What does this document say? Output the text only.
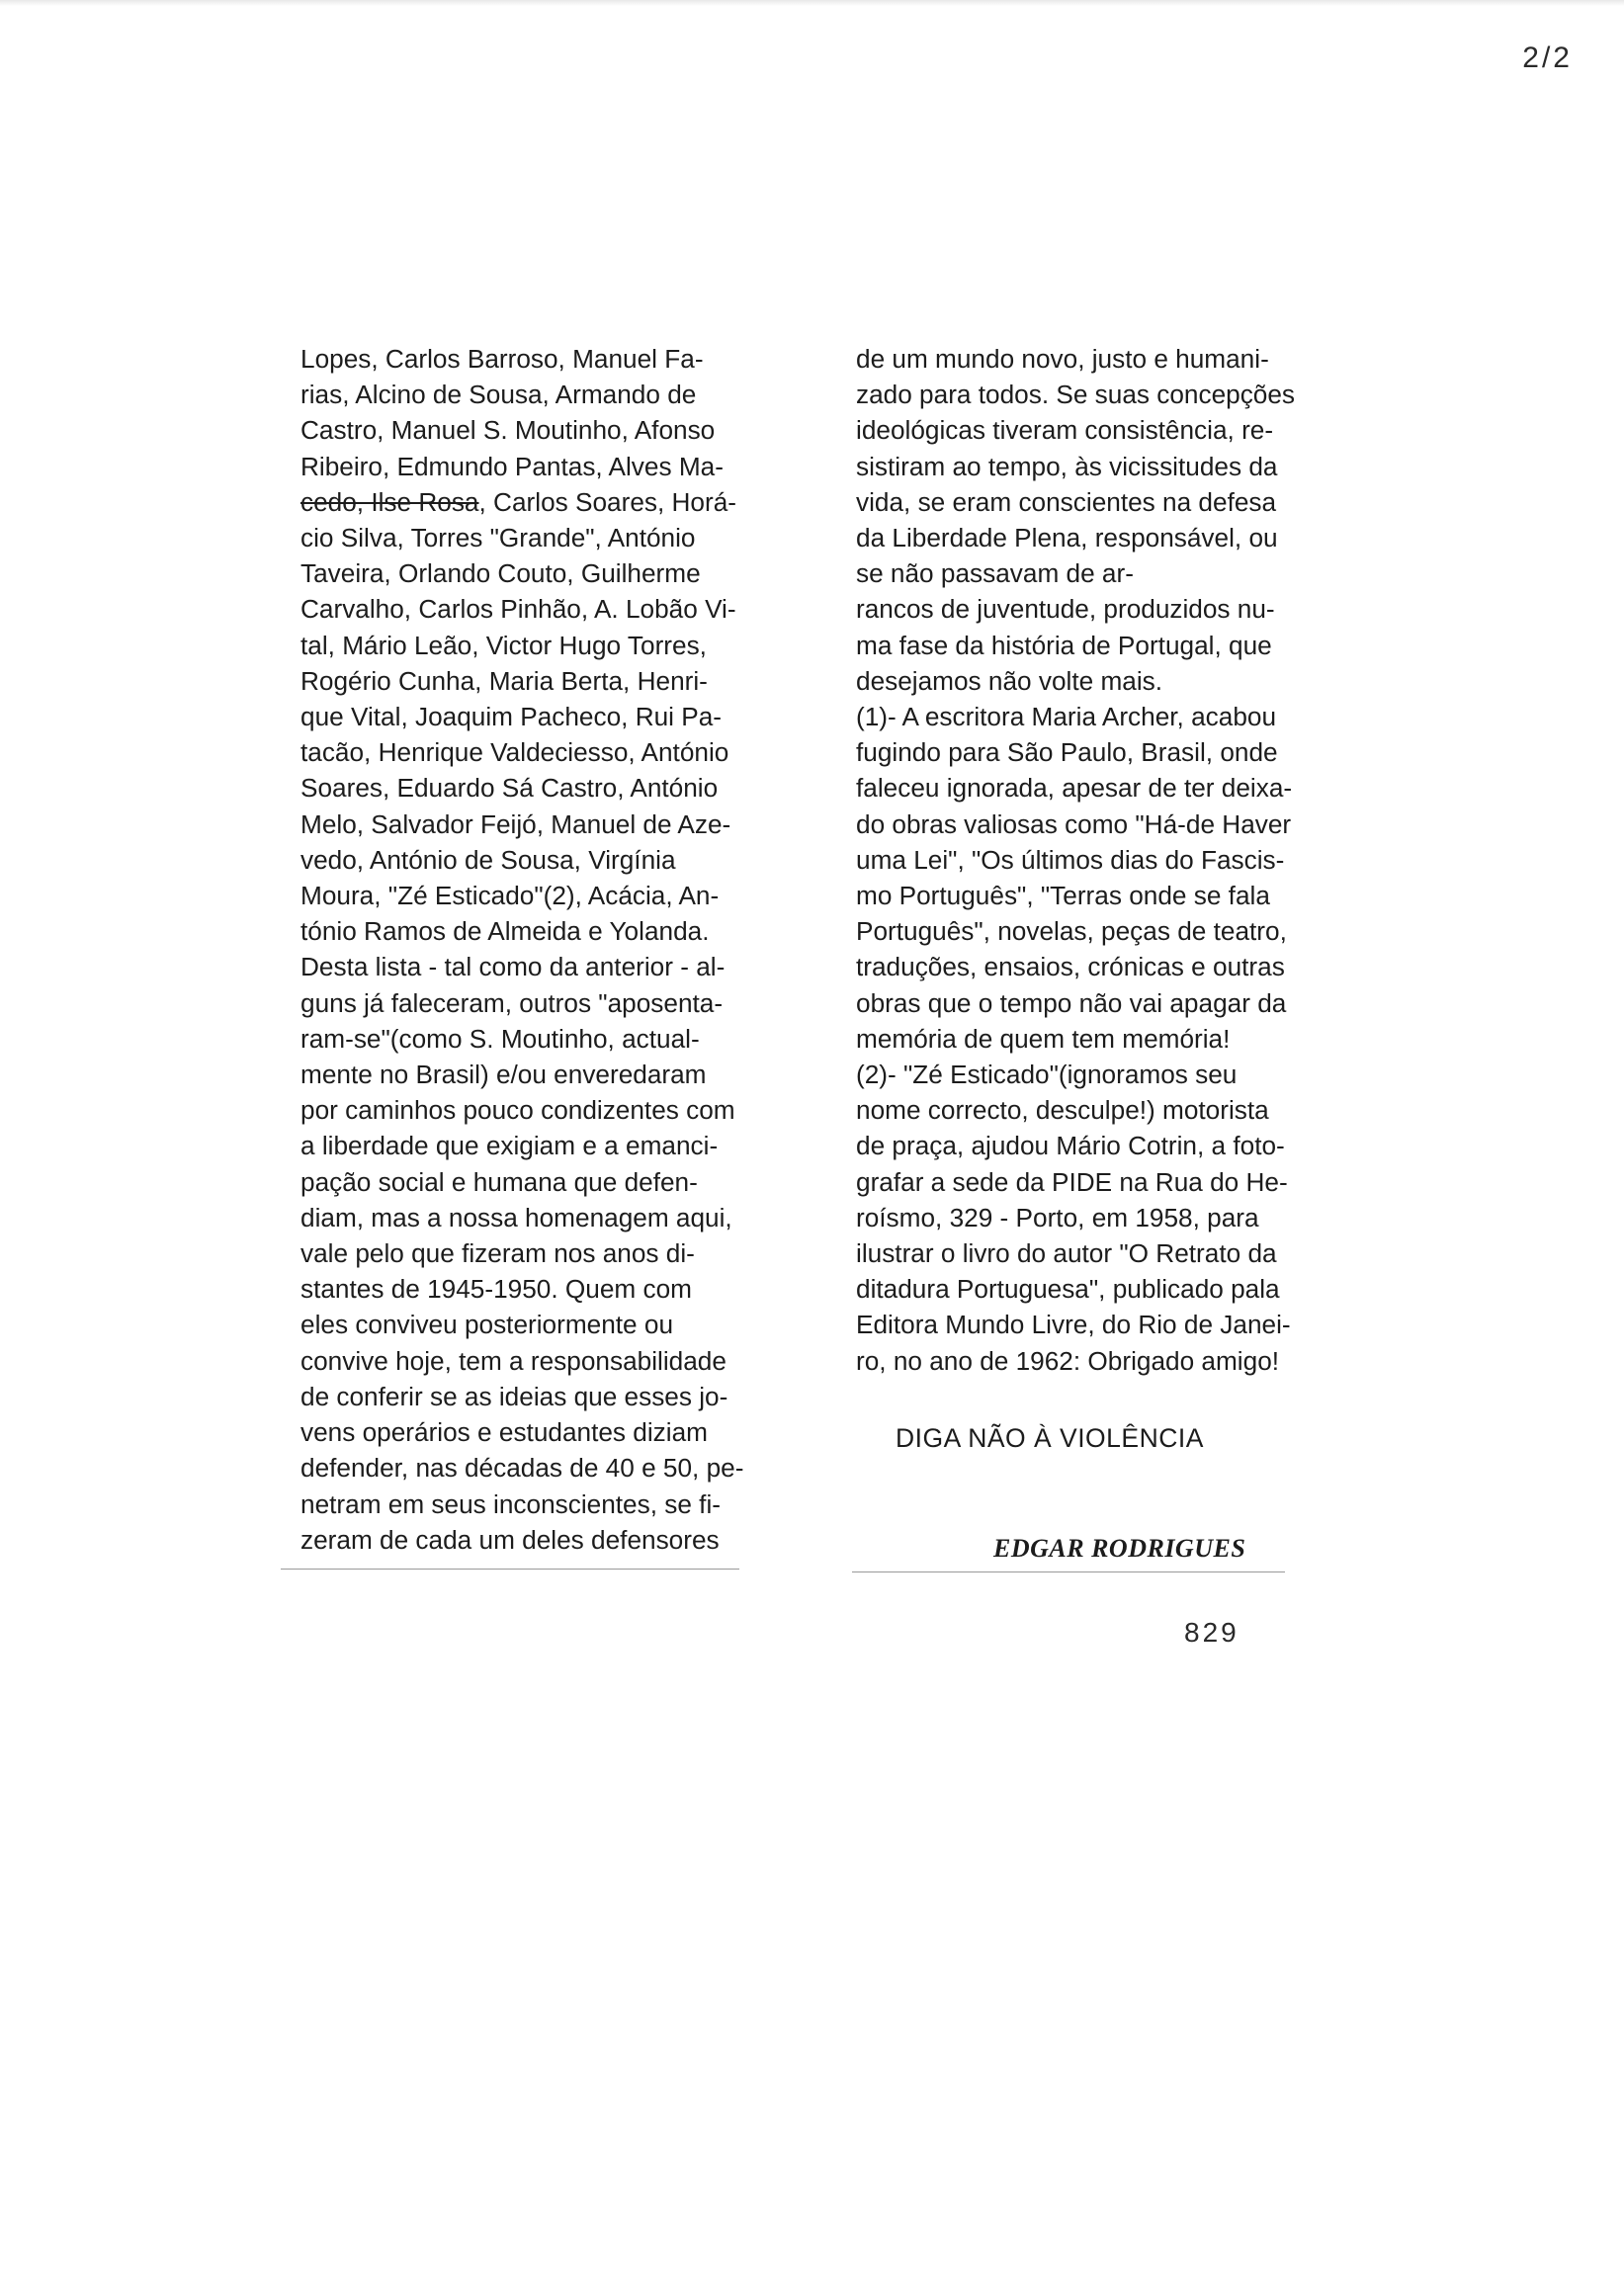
2/2

Lopes, Carlos Barroso, Manuel Fa-

rias, Alcino de Sousa, Armando de

Castro, Manuel S. Moutinho, Afonso

Ribeiro, Edmundo Pantas, Alves Ma-

cedo, Ilse Rosa, Carlos Soares, Horá-

cio Silva, Torres "Grande", António

Taveira, Orlando Couto, Guilherme

Carvalho, Carlos Pinhão, A. Lobão Vi-

tal, Mário Leão, Victor Hugo Torres,

Rogério Cunha, Maria Berta, Henri-

que Vital, Joaquim Pacheco, Rui Pa-

tacão, Henrique Valdeciesso, António

Soares, Eduardo Sá Castro, António

Melo, Salvador Feijó, Manuel de Aze-

vedo, António de Sousa, Virgínia

Moura, "Zé Esticado"(2), Acácia, An-

tónio Ramos de Almeida e Yolanda.

Desta lista - tal como da anterior - al-

guns já faleceram, outros "aposenta-

ram-se"(como S. Moutinho, actual-

mente no Brasil) e/ou enveredaram

por caminhos pouco condizentes com

a liberdade que exigiam e a emanci-

pação social e humana que defen-

diam, mas a nossa homenagem aqui,

vale pelo que fizeram nos anos di-

stantes de 1945-1950. Quem com

eles conviveu posteriormente ou

convive hoje, tem a responsabilidade

de conferir se as ideias que esses jo-

vens operários e estudantes diziam

defender, nas décadas de 40 e 50, pe-

netram em seus inconscientes, se fi-

zeram de cada um deles defensores

de um mundo novo, justo e humani-

zado para todos. Se suas concepções

ideológicas tiveram consistência, re-

sistiram ao tempo, às vicissitudes da

vida, se eram conscientes na defesa

da Liberdade Plena, responsável, ou

se não passavam de ar-

rancos de juventude, produzidos nu-

ma fase da história de Portugal, que

desejamos não volte mais.

(1)- A escritora Maria Archer, acabou

fugindo para São Paulo, Brasil, onde

faleceu ignorada, apesar de ter deixa-

do obras valiosas como "Há-de Haver

uma Lei", "Os últimos dias do Fascis-

mo Português", "Terras onde se fala

Português", novelas, peças de teatro,

traduções, ensaios, crónicas e outras

obras que o tempo não vai apagar da

memória de quem tem memória!

(2)- "Zé Esticado"(ignoramos seu

nome correcto, desculpe!) motorista

de praça, ajudou Mário Cotrin, a foto-

grafar a sede da PIDE na Rua do He-

roísmo, 329 - Porto, em 1958, para

ilustrar o livro do autor "O Retrato da

ditadura Portuguesa", publicado pala

Editora Mundo Livre, do Rio de Janei-

ro, no ano de 1962: Obrigado amigo!

DIGA NÃO À VIOLÊNCIA
EDGAR RODRIGUES
829
